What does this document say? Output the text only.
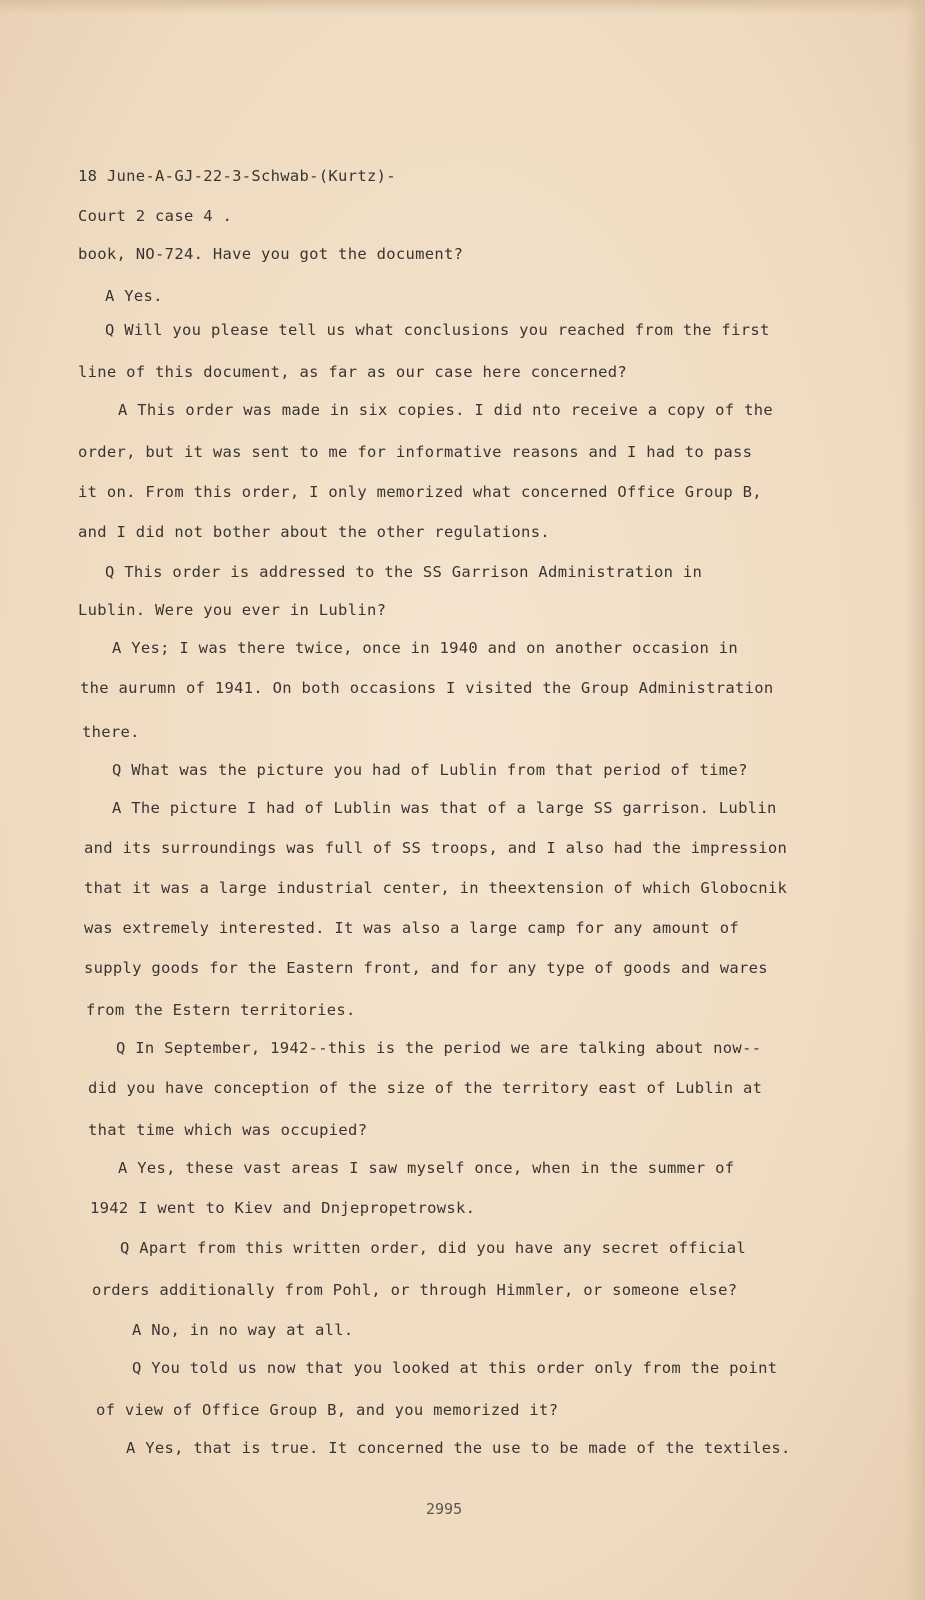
18 June-A-GJ-22-3-Schwab-(Kurtz)-
Court 2 case 4 .
book, NO-724. Have you got the document?
A Yes.
Q Will you please tell us what conclusions you reached from the first
line of this document, as far as our case here concerned?
A This order was made in six copies. I did nto receive a copy of the
order, but it was sent to me for informative reasons and I had to pass
it on. From this order, I only memorized what concerned Office Group B,
and I did not bother about the other regulations.
Q This order is addressed to the SS Garrison Administration in
Lublin. Were you ever in Lublin?
A Yes; I was there twice, once in 1940 and on another occasion in
the aurumn of 1941. On both occasions I visited the Group Administration
there.
Q What was the picture you had of Lublin from that period of time?
A The picture I had of Lublin was that of a large SS garrison. Lublin
and its surroundings was full of SS troops, and I also had the impression
that it was a large industrial center, in theextension of which Globocnik
was extremely interested. It was also a large camp for any amount of
supply goods for the Eastern front, and for any type of goods and wares
from the Estern territories.
Q In September, 1942--this is the period we are talking about now--
did you have conception of the size of the territory east of Lublin at
that time which was occupied?
A Yes, these vast areas I saw myself once, when in the summer of
1942 I went to Kiev and Dnjepropetrowsk.
Q Apart from this written order, did you have any secret official
orders additionally from Pohl, or through Himmler, or someone else?
A No, in no way at all.
Q You told us now that you looked at this order only from the point
of view of Office Group B, and you memorized it?
A Yes, that is true. It concerned the use to be made of the textiles.
2995
